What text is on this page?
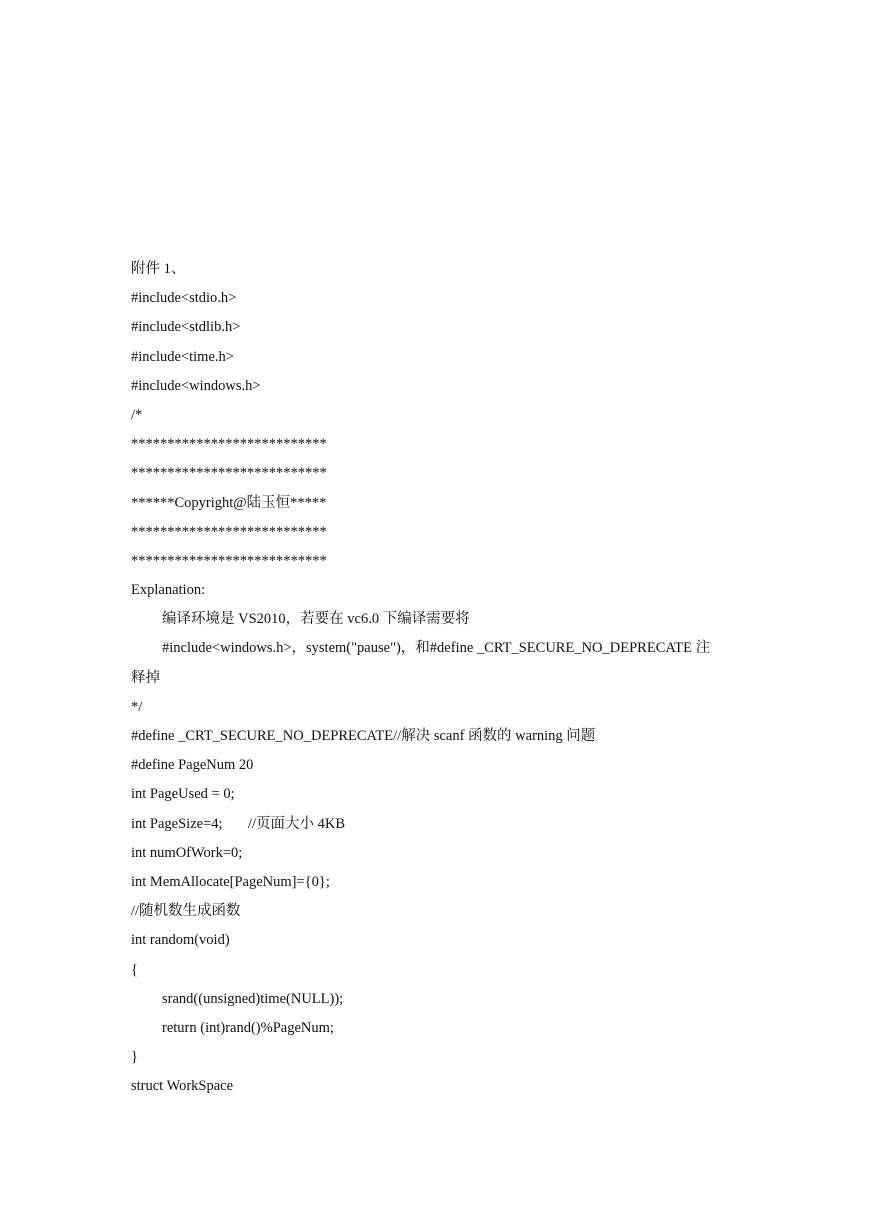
附件 1、
#include<stdio.h>
#include<stdlib.h>
#include<time.h>
#include<windows.h>
/*
***************************
***************************
******Copyright@陆玉恒*****
***************************
***************************
Explanation:
编译环境是 VS2010，若要在 vc6.0 下编译需要将
#include<windows.h>，system("pause")，和#define _CRT_SECURE_NO_DEPRECATE 注
释掉
*/
#define _CRT_SECURE_NO_DEPRECATE//解决 scanf 函数的 warning 问题
#define PageNum 20
int PageUsed = 0;
int PageSize=4;       //页面大小 4KB
int numOfWork=0;
int MemAllocate[PageNum]={0};
//随机数生成函数
int random(void)
{
srand((unsigned)time(NULL));
return (int)rand()%PageNum;
}
struct WorkSpace
